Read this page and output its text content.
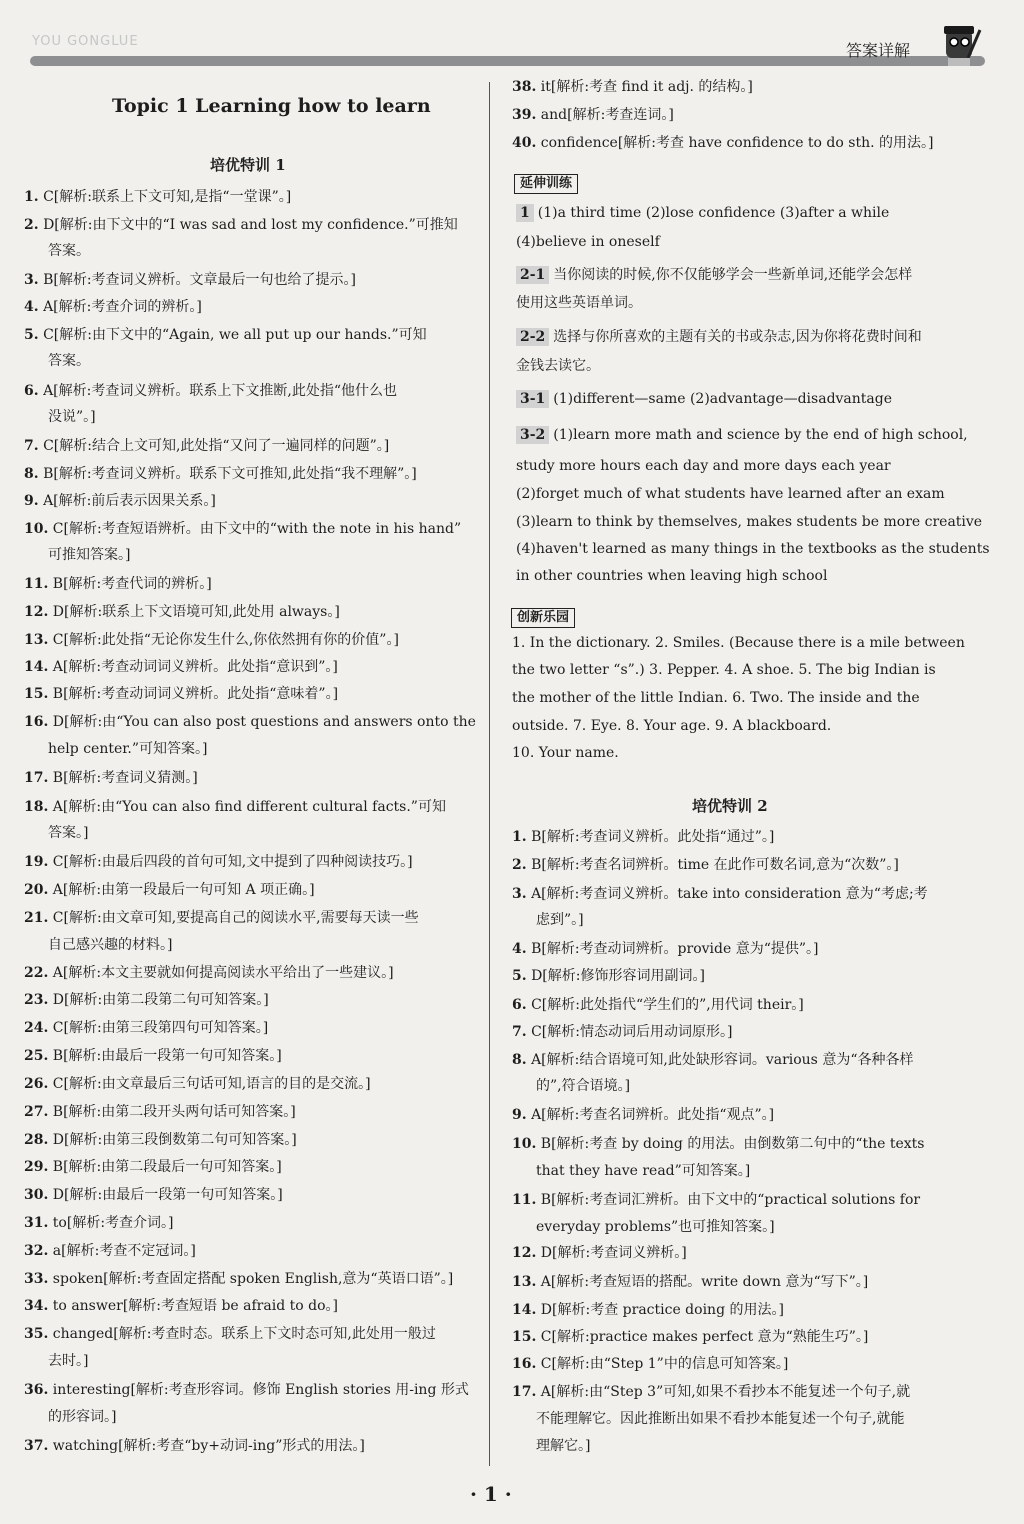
YOU GONGLUE	答案详解
Topic 1 Learning how to learn
培优特训 1
1. C[解析:联系上下文可知,是指“一堂课”。]
2. D[解析:由下文中的“I was sad and lost my confidence.”可推知
答案。
3. B[解析:考查词义辨析。文章最后一句也给了提示。]
4. A[解析:考查介词的辨析。]
5. C[解析:由下文中的“Again, we all put up our hands.”可知
答案。
6. A[解析:考查词义辨析。联系上下文推断,此处指“他什么也
没说”。]
7. C[解析:结合上文可知,此处指“又问了一遍同样的问题”。]
8. B[解析:考查词义辨析。联系下文可推知,此处指“我不理解”。]
9. A[解析:前后表示因果关系。]
10. C[解析:考查短语辨析。由下文中的“with the note in his hand”
可推知答案。]
11. B[解析:考查代词的辨析。]
12. D[解析:联系上下文语境可知,此处用 always。]
13. C[解析:此处指“无论你发生什么,你依然拥有你的价值”。]
14. A[解析:考查动词词义辨析。此处指“意识到”。]
15. B[解析:考查动词词义辨析。此处指“意味着”。]
16. D[解析:由“You can also post questions and answers onto the
help center.”可知答案。]
17. B[解析:考查词义猜测。]
18. A[解析:由“You can also find different cultural facts.”可知
答案。]
19. C[解析:由最后四段的首句可知,文中提到了四种阅读技巧。]
20. A[解析:由第一段最后一句可知 A 项正确。]
21. C[解析:由文章可知,要提高自己的阅读水平,需要每天读一些
自己感兴趣的材料。]
22. A[解析:本文主要就如何提高阅读水平给出了一些建议。]
23. D[解析:由第二段第二句可知答案。]
24. C[解析:由第三段第四句可知答案。]
25. B[解析:由最后一段第一句可知答案。]
26. C[解析:由文章最后三句话可知,语言的目的是交流。]
27. B[解析:由第二段开头两句话可知答案。]
28. D[解析:由第三段倒数第二句可知答案。]
29. B[解析:由第二段最后一句可知答案。]
30. D[解析:由最后一段第一句可知答案。]
31. to[解析:考查介词。]
32. a[解析:考查不定冠词。]
33. spoken[解析:考查固定搭配 spoken English,意为“英语口语”。]
34. to answer[解析:考查短语 be afraid to do。]
35. changed[解析:考查时态。联系上下文时态可知,此处用一般过
去时。]
36. interesting[解析:考查形容词。修饰 English stories 用-ing 形式
的形容词。]
37. watching[解析:考查“by+动词-ing”形式的用法。]
38. it[解析:考查 find it adj. 的结构。]
39. and[解析:考查连词。]
40. confidence[解析:考查 have confidence to do sth. 的用法。]
1 (1)a third time (2)lose confidence (3)after a while
(4)believe in oneself
2-1 当你阅读的时候,你不仅能够学会一些新单词,还能学会怎样
使用这些英语单词。
2-2 选择与你所喜欢的主题有关的书或杂志,因为你将花费时间和
金钱去读它。
3-1 (1)different—same (2)advantage—disadvantage
3-2 (1)learn more math and science by the end of high school,
study more hours each day and more days each year
(2)forget much of what students have learned after an exam
(3)learn to think by themselves, makes students be more creative
(4)haven't learned as many things in the textbooks as the students
in other countries when leaving high school
1. In the dictionary. 2. Smiles. (Because there is a mile between
the two letter “s”.) 3. Pepper. 4. A shoe. 5. The big Indian is
the mother of the little Indian. 6. Two. The inside and the
outside. 7. Eye. 8. Your age. 9. A blackboard.
10. Your name.
1. B[解析:考查词义辨析。此处指“通过”。]
2. B[解析:考查名词辨析。time 在此作可数名词,意为“次数”。]
3. A[解析:考查词义辨析。take into consideration 意为“考虑;考
虑到”。]
4. B[解析:考查动词辨析。provide 意为“提供”。]
5. D[解析:修饰形容词用副词。]
6. C[解析:此处指代“学生们的”,用代词 their。]
7. C[解析:情态动词后用动词原形。]
8. A[解析:结合语境可知,此处缺形容词。various 意为“各种各样
的”,符合语境。]
9. A[解析:考查名词辨析。此处指“观点”。]
10. B[解析:考查 by doing 的用法。由倒数第二句中的“the texts
that they have read”可知答案。]
11. B[解析:考查词汇辨析。由下文中的“practical solutions for
everyday problems”也可推知答案。]
12. D[解析:考查词义辨析。]
13. A[解析:考查短语的搭配。write down 意为“写下”。]
14. D[解析:考查 practice doing 的用法。]
15. C[解析:practice makes perfect 意为“熟能生巧”。]
16. C[解析:由“Step 1”中的信息可知答案。]
17. A[解析:由“Step 3”可知,如果不看抄本不能复述一个句子,就
不能理解它。因此推断出如果不看抄本能复述一个句子,就能
理解它。]
延伸训练
创新乐园
培优特训 2
· 1 ·
